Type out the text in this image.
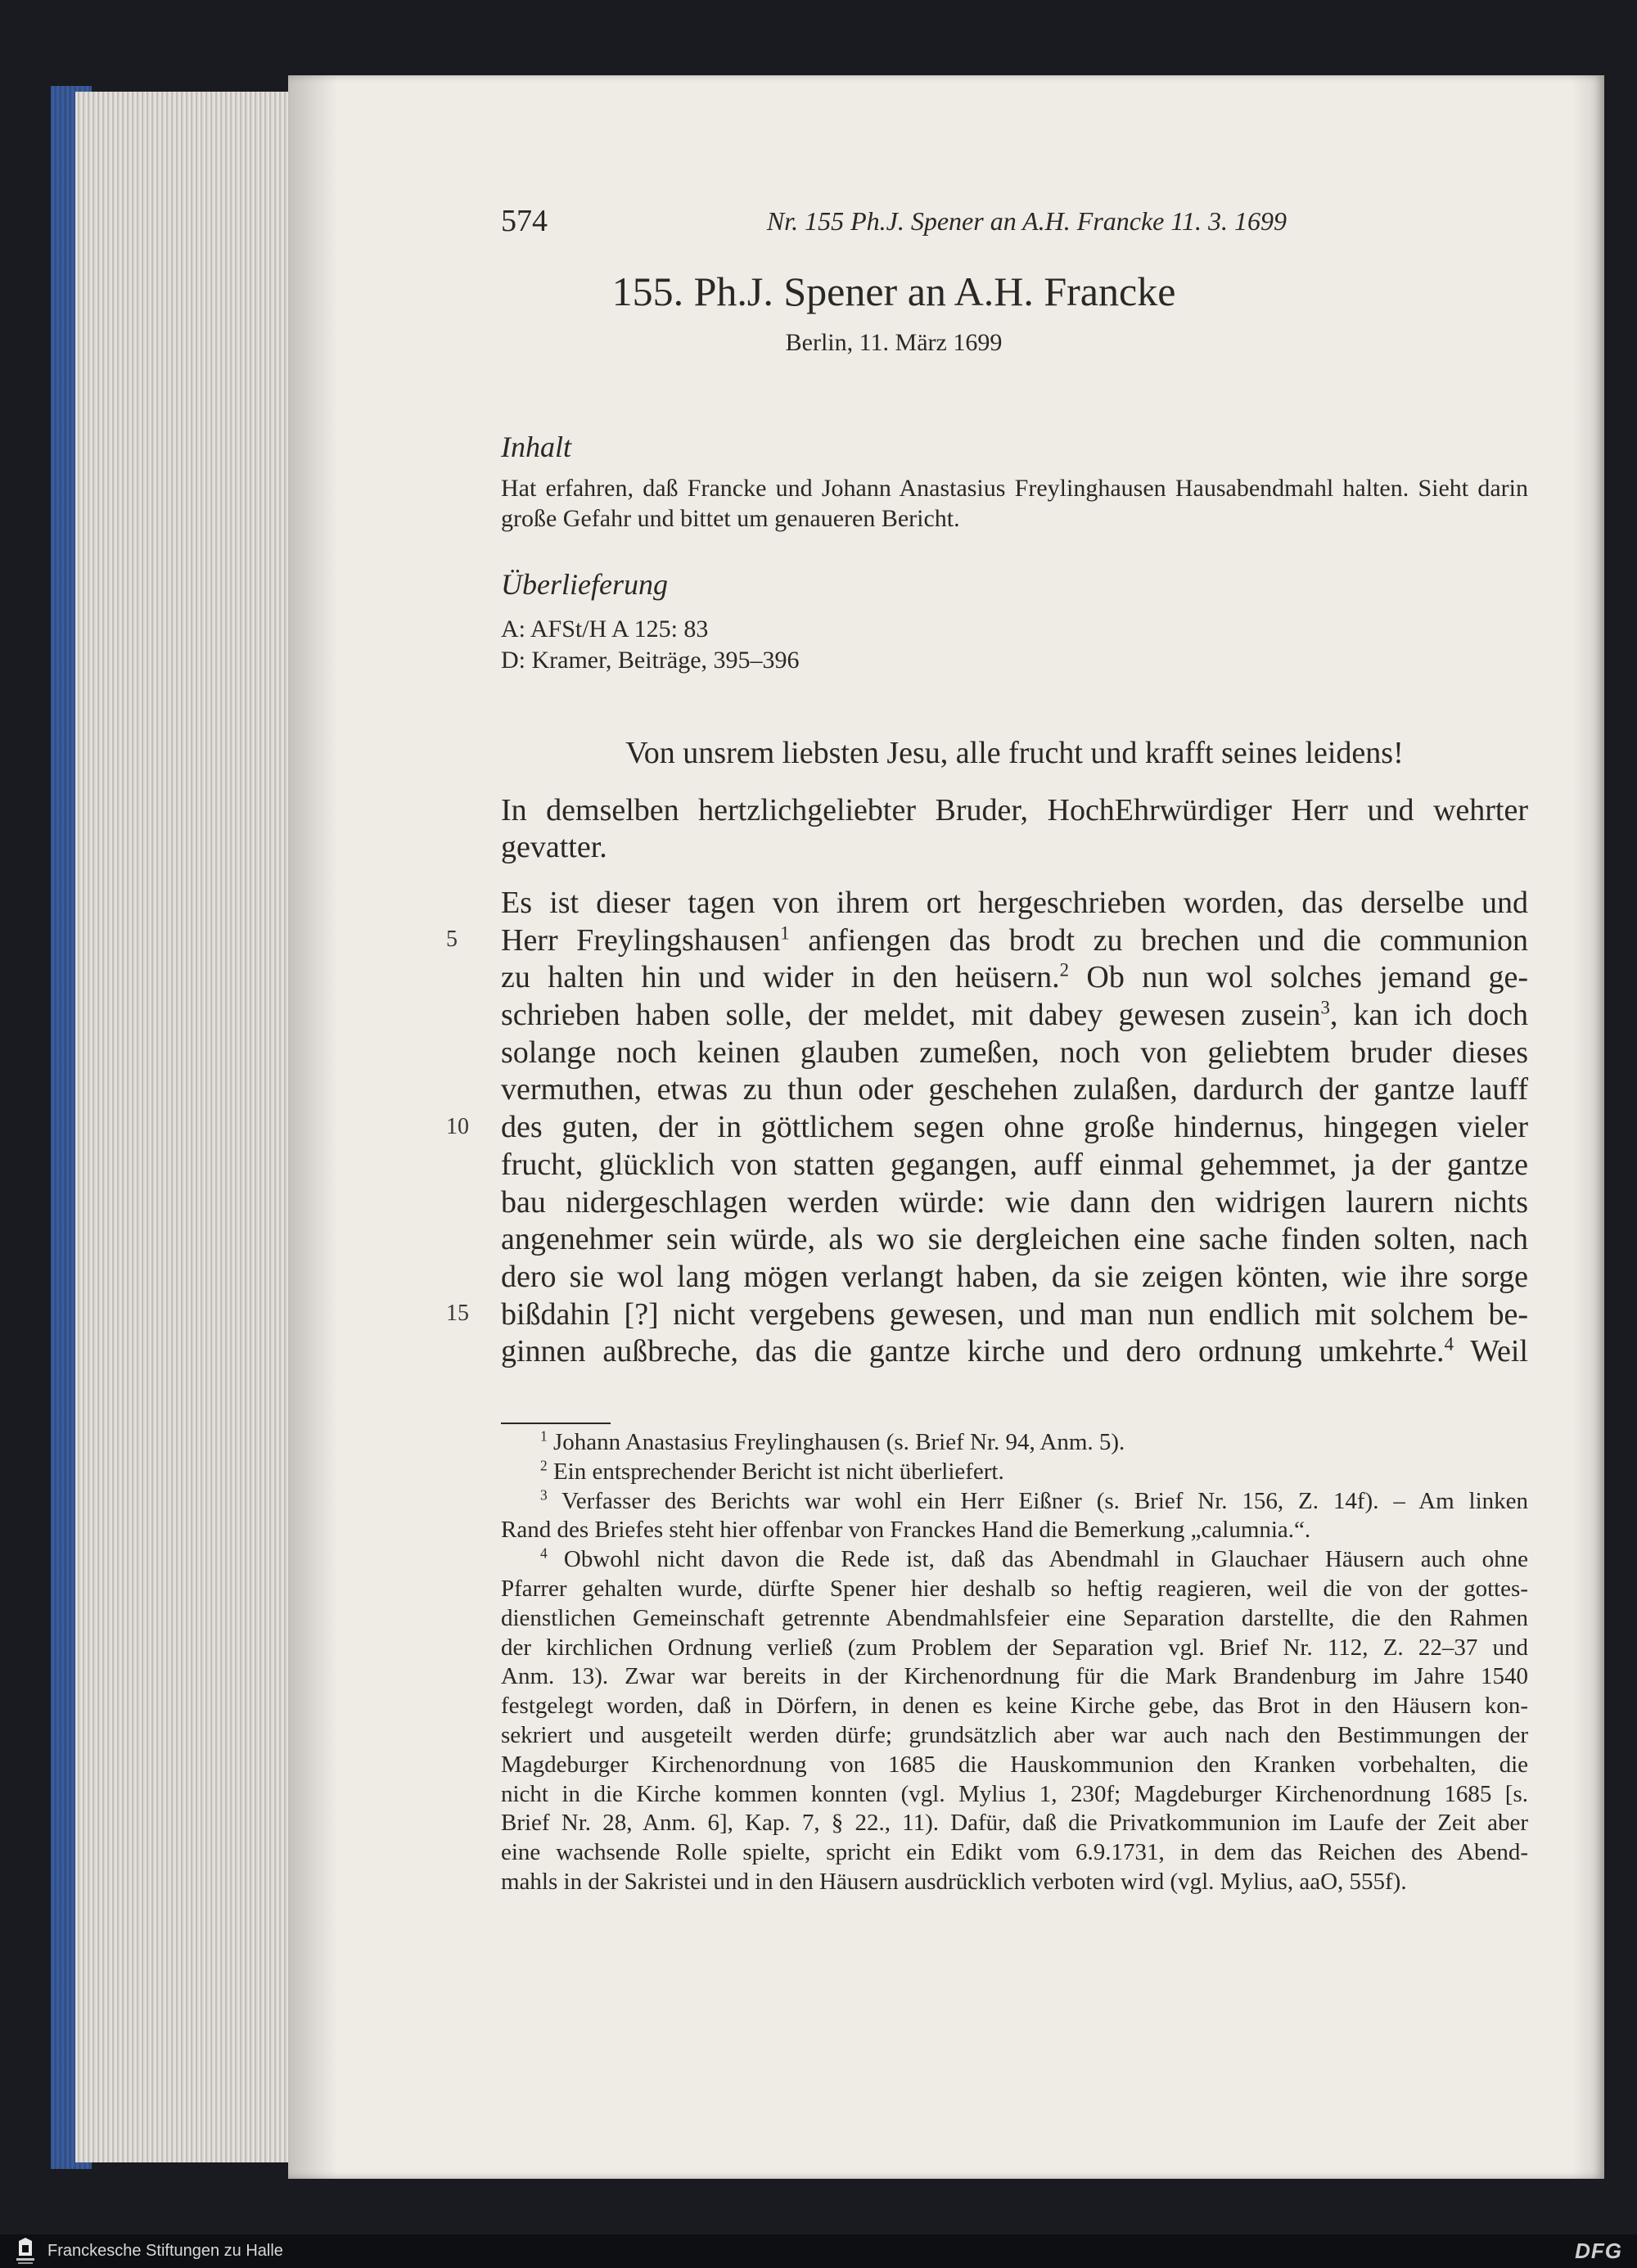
574	Nr. 155 Ph.J. Spener an A.H. Francke 11. 3. 1699
155. Ph.J. Spener an A.H. Francke
Berlin, 11. März 1699
Inhalt
Hat erfahren, daß Francke und Johann Anastasius Freylinghausen Hausabendmahl halten. Sieht darin große Gefahr und bittet um genaueren Bericht.
Überlieferung
A: AFSt/H A 125: 83
D: Kramer, Beiträge, 395–396
Von unsrem liebsten Jesu, alle frucht und krafft seines leidens!
In demselben hertzlichgeliebter Bruder, HochEhrwürdiger Herr und wehrter
gevatter.
Es ist dieser tagen von ihrem ort hergeschrieben worden, das derselbe und
Herr Freylingshausen$^1$ anfiengen das brodt zu brechen und die communion
zu halten hin und wider in den heüsern.$^2$ Ob nun wol solches jemand ge-
schrieben haben solle, der meldet, mit dabey gewesen zusein$^3$, kan ich doch
solange noch keinen glauben zumeßen, noch von geliebtem bruder dieses
vermuthen, etwas zu thun oder geschehen zulaßen, dardurch der gantze lauff
des guten, der in göttlichem segen ohne große hindernus, hingegen vieler
frucht, glücklich von statten gegangen, auff einmal gehemmet, ja der gantze
bau nidergeschlagen werden würde: wie dann den widrigen laurern nichts
angenehmer sein würde, als wo sie dergleichen eine sache finden solten, nach
dero sie wol lang mögen verlangt haben, da sie zeigen könten, wie ihre sorge
bißdahin [?] nicht vergebens gewesen, und man nun endlich mit solchem be-
ginnen außbreche, das die gantze kirche und dero ordnung umkehrte.$^4$ Weil
5
10
15
$^1$ Johann Anastasius Freylinghausen (s. Brief Nr. 94, Anm. 5).
$^2$ Ein entsprechender Bericht ist nicht überliefert.
$^3$ Verfasser des Berichts war wohl ein Herr Eißner (s. Brief Nr. 156, Z. 14f). – Am linken
Rand des Briefes steht hier offenbar von Franckes Hand die Bemerkung „calumnia.“.
$^4$ Obwohl nicht davon die Rede ist, daß das Abendmahl in Glauchaer Häusern auch ohne
Pfarrer gehalten wurde, dürfte Spener hier deshalb so heftig reagieren, weil die von der gottes-
dienstlichen Gemeinschaft getrennte Abendmahlsfeier eine Separation darstellte, die den Rahmen
der kirchlichen Ordnung verließ (zum Problem der Separation vgl. Brief Nr. 112, Z. 22–37 und
Anm. 13). Zwar war bereits in der Kirchenordnung für die Mark Brandenburg im Jahre 1540
festgelegt worden, daß in Dörfern, in denen es keine Kirche gebe, das Brot in den Häusern kon-
sekriert und ausgeteilt werden dürfe; grundsätzlich aber war auch nach den Bestimmungen der
Magdeburger Kirchenordnung von 1685 die Hauskommunion den Kranken vorbehalten, die
nicht in die Kirche kommen konnten (vgl. Mylius 1, 230f; Magdeburger Kirchenordnung 1685 [s.
Brief Nr. 28, Anm. 6], Kap. 7, § 22., 11). Dafür, daß die Privatkommunion im Laufe der Zeit aber
eine wachsende Rolle spielte, spricht ein Edikt vom 6.9.1731, in dem das Reichen des Abend-
mahls in der Sakristei und in den Häusern ausdrücklich verboten wird (vgl. Mylius, aaO, 555f).
Franckesche Stiftungen zu Halle	DFG
